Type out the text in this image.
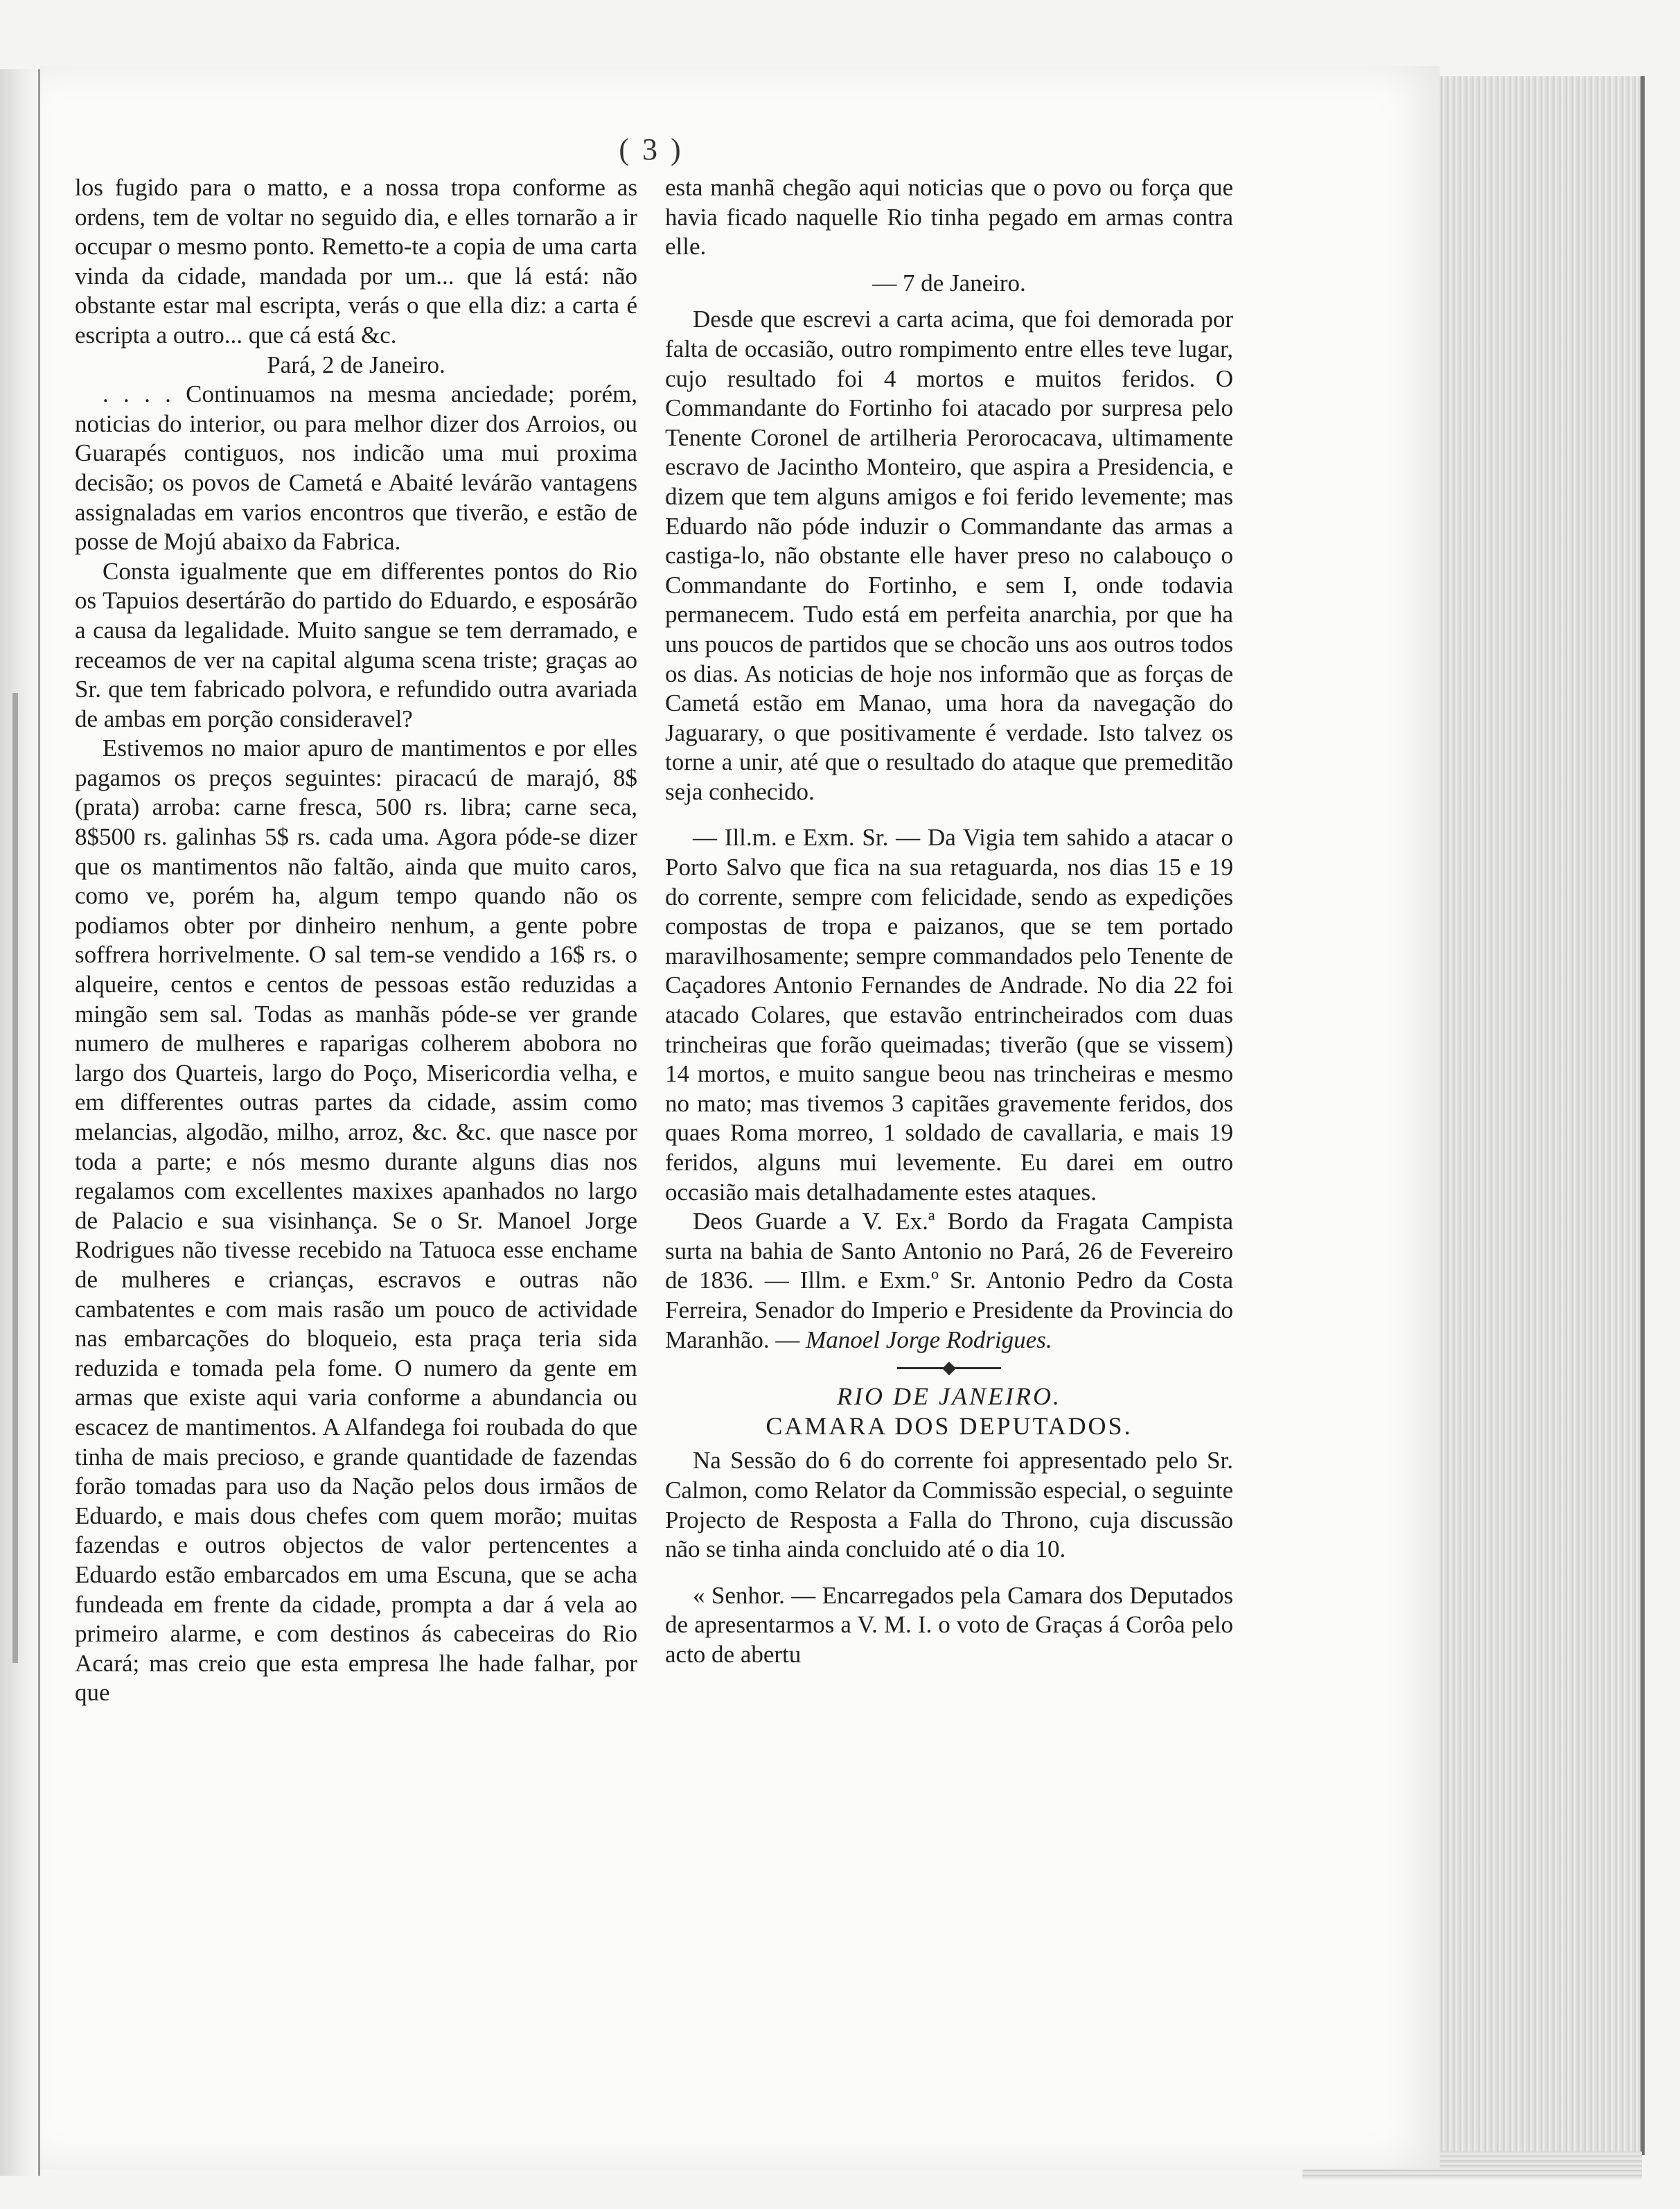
( 3 )

los fugido para o matto, e a nossa tropa conforme as ordens, tem de voltar no seguido dia, e elles tornarão a ir occupar o mesmo ponto. Remetto-te a copia de uma carta vinda da cidade, mandada por um... que lá está: não obstante estar mal escripta, verás o que ella diz: a carta é escripta a outro... que cá está &c.

Pará, 2 de Janeiro.

. . . . Continuamos na mesma anciedade; porém, noticias do interior, ou para melhor dizer dos Arroios, ou Guarapés contiguos, nos indicão uma mui proxima decisão; os povos de Cametá e Abaité levárão vantagens assignaladas em varios encontros que tiverão, e estão de posse de Mojú abaixo da Fabrica.

Consta igualmente que em differentes pontos do Rio os Tapuios desertárão do partido do Eduardo, e esposárão a causa da legalidade. Muito sangue se tem derramado, e receamos de ver na capital alguma scena triste; graças ao Sr. que tem fabricado polvora, e refundido outra avariada de ambas em porção consideravel?

Estivemos no maior apuro de mantimentos e por elles pagamos os preços seguintes: piracacú de marajó, 8$ (prata) arroba: carne fresca, 500 rs. libra; carne seca, 8$500 rs. galinhas 5$ rs. cada uma. Agora póde-se dizer que os mantimentos não faltão, ainda que muito caros, como ve, porém ha, algum tempo quando não os podiamos obter por dinheiro nenhum, a gente pobre soffrera horrivelmente. O sal tem-se vendido a 16$ rs. o alqueire, centos e centos de pessoas estão reduzidas a mingão sem sal. Todas as manhãs póde-se ver grande numero de mulheres e raparigas colherem abobora no largo dos Quarteis, largo do Poço, Misericordia velha, e em differentes outras partes da cidade, assim como melancias, algodão, milho, arroz, &c. &c. que nasce por toda a parte; e nós mesmo durante alguns dias nos regalamos com excellentes maxixes apanhados no largo de Palacio e sua visinhança. Se o Sr. Manoel Jorge Rodrigues não tivesse recebido na Tatuoca esse enchame de mulheres e crianças, escravos e outras não cambatentes e com mais rasão um pouco de actividade nas embarcações do bloqueio, esta praça teria sida reduzida e tomada pela fome. O numero da gente em armas que existe aqui varia conforme a abundancia ou escacez de mantimentos. A Alfandega foi roubada do que tinha de mais precioso, e grande quantidade de fazendas forão tomadas para uso da Nação pelos dous irmãos de Eduardo, e mais dous chefes com quem morão; muitas fazendas e outros objectos de valor pertencentes a Eduardo estão embarcados em uma Escuna, que se acha fundeada em frente da cidade, prompta a dar á vela ao primeiro alarme, e com destinos ás cabeceiras do Rio Acará; mas creio que esta empresa lhe hade falhar, por que

esta manhã chegão aqui noticias que o povo ou força que havia ficado naquelle Rio tinha pegado em armas contra elle.

— 7 de Janeiro.

Desde que escrevi a carta acima, que foi demorada por falta de occasião, outro rompimento entre elles teve lugar, cujo resultado foi 4 mortos e muitos feridos. O Commandante do Fortinho foi atacado por surpresa pelo Tenente Coronel de artilheria Perorocacava, ultimamente escravo de Jacintho Monteiro, que aspira a Presidencia, e dizem que tem alguns amigos e foi ferido levemente; mas Eduardo não póde induzir o Commandante das armas a castiga-lo, não obstante elle haver preso no calabouço o Commandante do Fortinho, e sem I, onde todavia permanecem. Tudo está em perfeita anarchia, por que ha uns poucos de partidos que se chocão uns aos outros todos os dias. As noticias de hoje nos informão que as forças de Cametá estão em Manao, uma hora da navegação do Jaguarary, o que positivamente é verdade. Isto talvez os torne a unir, até que o resultado do ataque que premeditão seja conhecido.

— Ill.m. e Exm. Sr. — Da Vigia tem sahido a atacar o Porto Salvo que fica na sua retaguarda, nos dias 15 e 19 do corrente, sempre com felicidade, sendo as expedições compostas de tropa e paizanos, que se tem portado maravilhosamente; sempre commandados pelo Tenente de Caçadores Antonio Fernandes de Andrade. No dia 22 foi atacado Colares, que estavão entrincheirados com duas trincheiras que forão queimadas; tiverão (que se vissem) 14 mortos, e muito sangue beou nas trincheiras e mesmo no mato; mas tivemos 3 capitães gravemente feridos, dos quaes Roma morreo, 1 soldado de cavallaria, e mais 19 feridos, alguns mui levemente. Eu darei em outro occasião mais detalhadamente estes ataques.

Deos Guarde a V. Ex.ª Bordo da Fragata Campista surta na bahia de Santo Antonio no Pará, 26 de Fevereiro de 1836. — Illm. e Exm.º Sr. Antonio Pedro da Costa Ferreira, Senador do Imperio e Presidente da Provincia do Maranhão. — Manoel Jorge Rodrigues.

RIO DE JANEIRO.

CAMARA DOS DEPUTADOS.

Na Sessão do 6 do corrente foi appresentado pelo Sr. Calmon, como Relator da Commissão especial, o seguinte Projecto de Resposta a Falla do Throno, cuja discussão não se tinha ainda concluido até o dia 10.

« Senhor. — Encarregados pela Camara dos Deputados de apresentarmos a V. M. I. o voto de Graças á Corôa pelo acto de abertu
